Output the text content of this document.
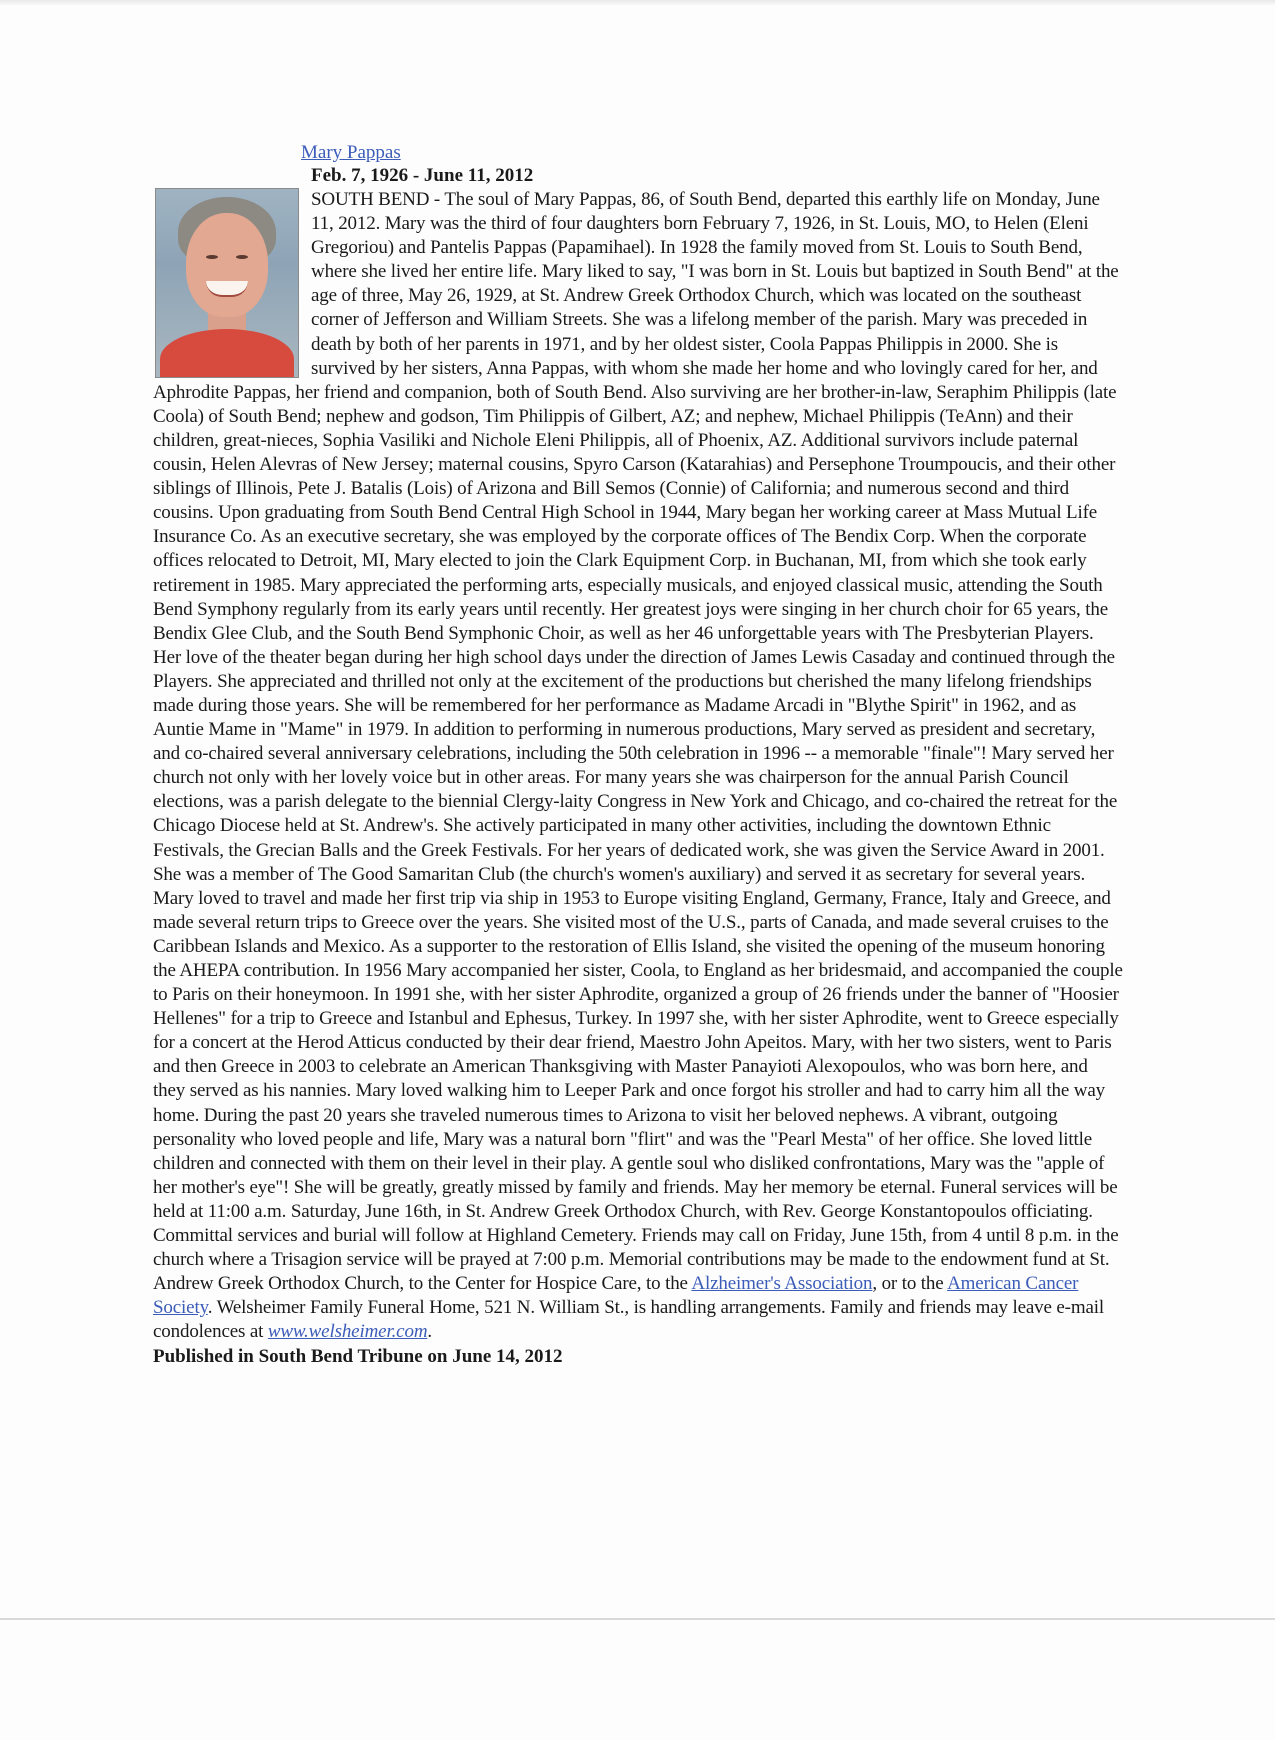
Mary Pappas
Feb. 7, 1926 - June 11, 2012
SOUTH BEND - The soul of Mary Pappas, 86, of South Bend, departed this earthly life on Monday, June 11, 2012. Mary was the third of four daughters born February 7, 1926, in St. Louis, MO, to Helen (Eleni Gregoriou) and Pantelis Pappas (Papamihael). In 1928 the family moved from St. Louis to South Bend, where she lived her entire life. Mary liked to say, "I was born in St. Louis but baptized in South Bend" at the age of three, May 26, 1929, at St. Andrew Greek Orthodox Church, which was located on the southeast corner of Jefferson and William Streets. She was a lifelong member of the parish. Mary was preceded in death by both of her parents in 1971, and by her oldest sister, Coola Pappas Philippis in 2000. She is survived by her sisters, Anna Pappas, with whom she made her home and who lovingly cared for her, and Aphrodite Pappas, her friend and companion, both of South Bend. Also surviving are her brother-in-law, Seraphim Philippis (late Coola) of South Bend; nephew and godson, Tim Philippis of Gilbert, AZ; and nephew, Michael Philippis (TeAnn) and their children, great-nieces, Sophia Vasiliki and Nichole Eleni Philippis, all of Phoenix, AZ. Additional survivors include paternal cousin, Helen Alevras of New Jersey; maternal cousins, Spyro Carson (Katarahias) and Persephone Troumpoucis, and their other siblings of Illinois, Pete J. Batalis (Lois) of Arizona and Bill Semos (Connie) of California; and numerous second and third cousins. Upon graduating from South Bend Central High School in 1944, Mary began her working career at Mass Mutual Life Insurance Co. As an executive secretary, she was employed by the corporate offices of The Bendix Corp. When the corporate offices relocated to Detroit, MI, Mary elected to join the Clark Equipment Corp. in Buchanan, MI, from which she took early retirement in 1985. Mary appreciated the performing arts, especially musicals, and enjoyed classical music, attending the South Bend Symphony regularly from its early years until recently. Her greatest joys were singing in her church choir for 65 years, the Bendix Glee Club, and the South Bend Symphonic Choir, as well as her 46 unforgettable years with The Presbyterian Players. Her love of the theater began during her high school days under the direction of James Lewis Casaday and continued through the Players. She appreciated and thrilled not only at the excitement of the productions but cherished the many lifelong friendships made during those years. She will be remembered for her performance as Madame Arcadi in "Blythe Spirit" in 1962, and as Auntie Mame in "Mame" in 1979. In addition to performing in numerous productions, Mary served as president and secretary, and co-chaired several anniversary celebrations, including the 50th celebration in 1996 -- a memorable "finale"! Mary served her church not only with her lovely voice but in other areas. For many years she was chairperson for the annual Parish Council elections, was a parish delegate to the biennial Clergy-laity Congress in New York and Chicago, and co-chaired the retreat for the Chicago Diocese held at St. Andrew's. She actively participated in many other activities, including the downtown Ethnic Festivals, the Grecian Balls and the Greek Festivals. For her years of dedicated work, she was given the Service Award in 2001. She was a member of The Good Samaritan Club (the church's women's auxiliary) and served it as secretary for several years. Mary loved to travel and made her first trip via ship in 1953 to Europe visiting England, Germany, France, Italy and Greece, and made several return trips to Greece over the years. She visited most of the U.S., parts of Canada, and made several cruises to the Caribbean Islands and Mexico. As a supporter to the restoration of Ellis Island, she visited the opening of the museum honoring the AHEPA contribution. In 1956 Mary accompanied her sister, Coola, to England as her bridesmaid, and accompanied the couple to Paris on their honeymoon. In 1991 she, with her sister Aphrodite, organized a group of 26 friends under the banner of "Hoosier Hellenes" for a trip to Greece and Istanbul and Ephesus, Turkey. In 1997 she, with her sister Aphrodite, went to Greece especially for a concert at the Herod Atticus conducted by their dear friend, Maestro John Apeitos. Mary, with her two sisters, went to Paris and then Greece in 2003 to celebrate an American Thanksgiving with Master Panayioti Alexopoulos, who was born here, and they served as his nannies. Mary loved walking him to Leeper Park and once forgot his stroller and had to carry him all the way home. During the past 20 years she traveled numerous times to Arizona to visit her beloved nephews. A vibrant, outgoing personality who loved people and life, Mary was a natural born "flirt" and was the "Pearl Mesta" of her office. She loved little children and connected with them on their level in their play. A gentle soul who disliked confrontations, Mary was the "apple of her mother's eye"! She will be greatly, greatly missed by family and friends. May her memory be eternal. Funeral services will be held at 11:00 a.m. Saturday, June 16th, in St. Andrew Greek Orthodox Church, with Rev. George Konstantopoulos officiating. Committal services and burial will follow at Highland Cemetery. Friends may call on Friday, June 15th, from 4 until 8 p.m. in the church where a Trisagion service will be prayed at 7:00 p.m. Memorial contributions may be made to the endowment fund at St. Andrew Greek Orthodox Church, to the Center for Hospice Care, to the Alzheimer's Association, or to the American Cancer Society. Welsheimer Family Funeral Home, 521 N. William St., is handling arrangements. Family and friends may leave e-mail condolences at www.welsheimer.com.
Published in South Bend Tribune on June 14, 2012
